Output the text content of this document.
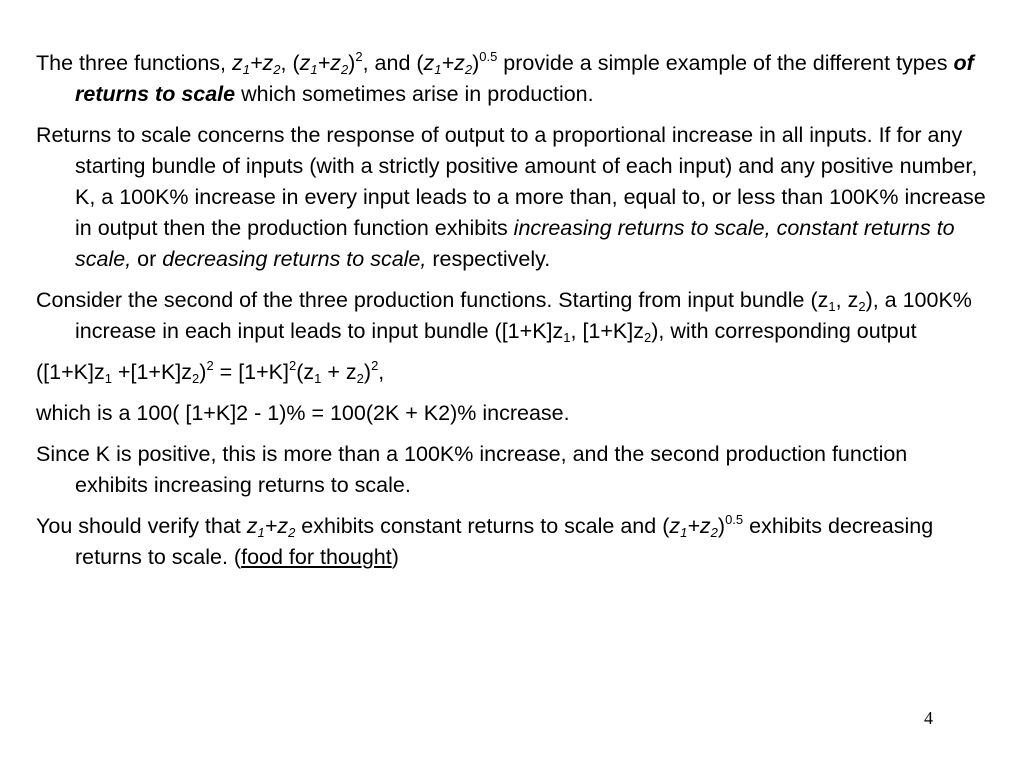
The three functions, $z_1+z_2$, $(z_1+z_2)^2$, and $(z_1+z_2)^{0.5}$ provide a simple example of the different types of returns to scale which sometimes arise in production.

Returns to scale concerns the response of output to a proportional increase in all inputs. If for any starting bundle of inputs (with a strictly positive amount of each input) and any positive number, K, a 100K% increase in every input leads to a more than, equal to, or less than 100K% increase in output then the production function exhibits increasing returns to scale, constant returns to scale, or decreasing returns to scale, respectively.

Consider the second of the three production functions. Starting from input bundle ($z_1$, $z_2$), a 100K% increase in each input leads to input bundle ($[1+K]z_1$, $[1+K]z_2$), with corresponding output

$([1+K]z_1 +[1+K]z_2)^2 = [1+K]^2(z_1 + z_2)^2$,

which is a 100( [1+K]2 - 1)% = 100(2K + K2)% increase.

Since K is positive, this is more than a 100K% increase, and the second production function exhibits increasing returns to scale.

You should verify that $z_1+z_2$ exhibits constant returns to scale and $(z_1+z_2)^{0.5}$ exhibits decreasing returns to scale. (food for thought)

4
